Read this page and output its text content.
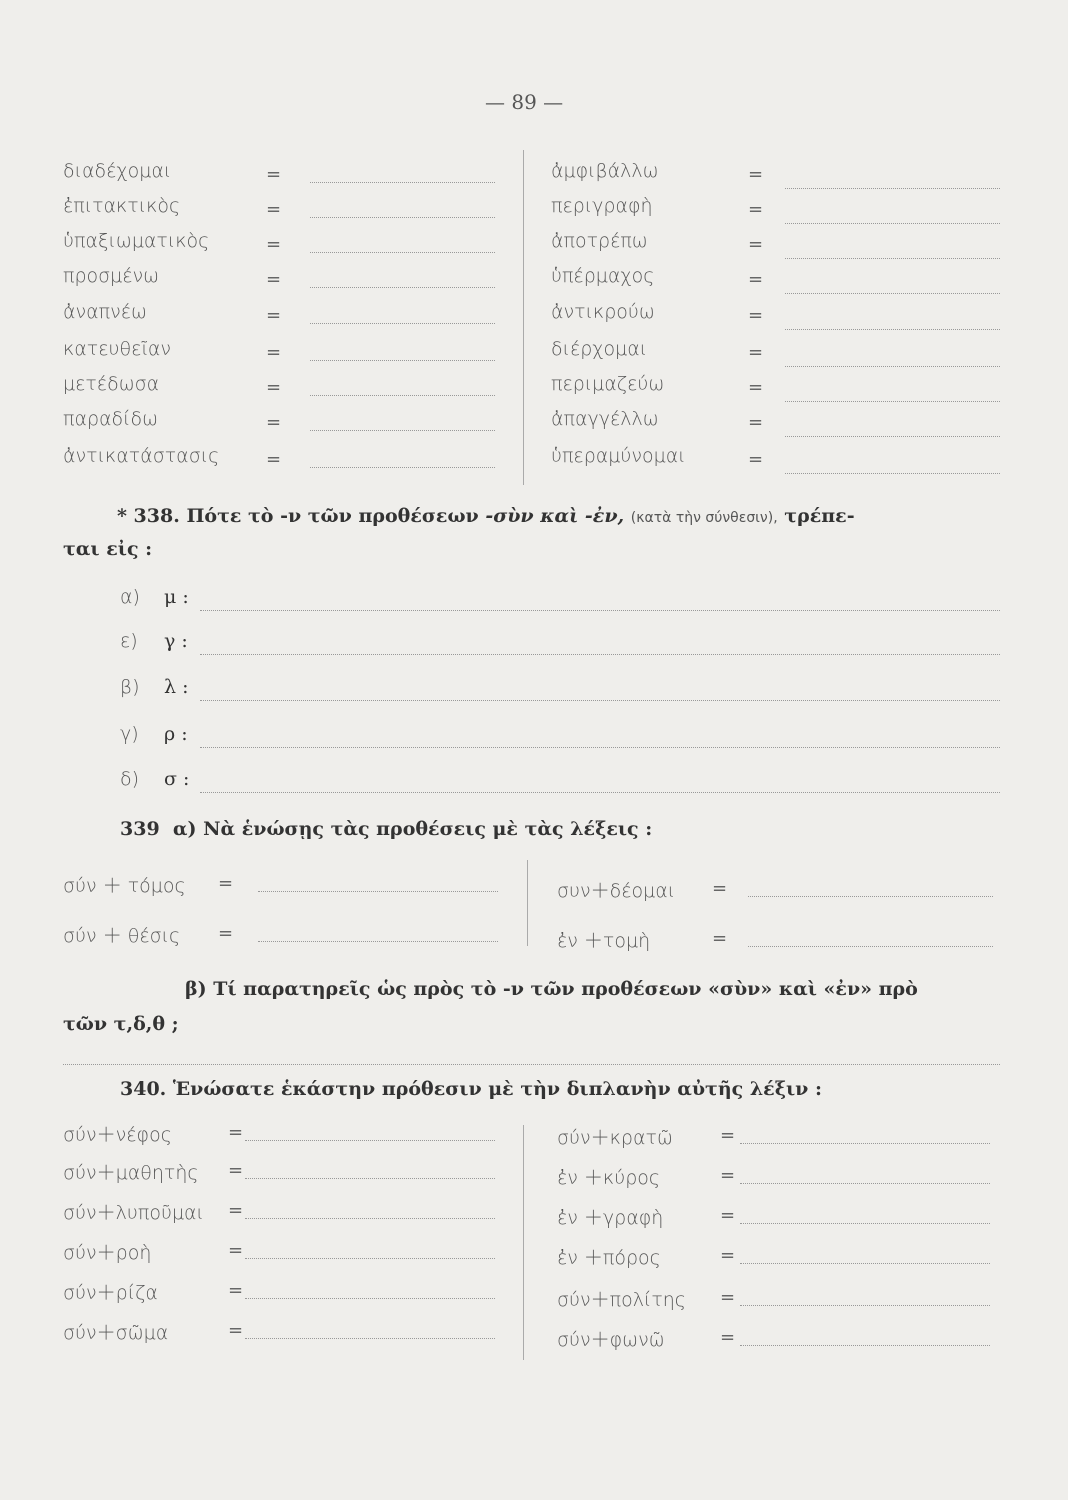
— 89 —
διαδέχομαι	=
ἐπιτακτικὸς	=
ὑπαξιωματικὸς	=
προσμένω	=
ἀναπνέω	=
κατευθεῖαν	=
μετέδωσα	=
παραδίδω	=
ἀντικατάστασις	=
ἀμφιβάλλω	=
περιγραφὴ	=
ἀποτρέπω	=
ὑπέρμαχος	=
ἀντικρούω	=
διέρχομαι	=
περιμαζεύω	=
ἀπαγγέλλω	=
ὑπεραμύνομαι	=
* 338. Πότε τὸ -ν τῶν προθέσεων -σὺν καὶ -ἐν, (κατὰ τὴν σύνθεσιν), τρέπε-
ται εἰς :
α) μ :
ε) γ :
β) λ :
γ) ρ :
δ) σ :
339 α) Νὰ ἑνώσῃς τὰς προθέσεις μὲ τὰς λέξεις :
σύν ＋ τόμος =
σύν ＋ θέσις =
συν＋δέομαι =
ἐν ＋τομὴ	=
β) Τί παρατηρεῖς ὡς πρὸς τὸ -ν τῶν προθέσεων «σὺν» καὶ «ἐν» πρὸ
τῶν τ,δ,θ ;
340. Ἑνώσατε ἑκάστην πρόθεσιν μὲ τὴν διπλανὴν αὐτῆς λέξιν :
σύν＋νέφος	=
σύν＋μαθητὴς =
σύν＋λυποῦμαι =
σύν＋ροὴ	=
σύν＋ρίζα	=
σύν＋σῶμα	=
σύν＋κρατῶ	=
ἐν ＋κύρος	=
ἐν ＋γραφὴ	=
ἐν ＋πόρος	=
σύν＋πολίτης =
σύν＋φωνῶ	=
